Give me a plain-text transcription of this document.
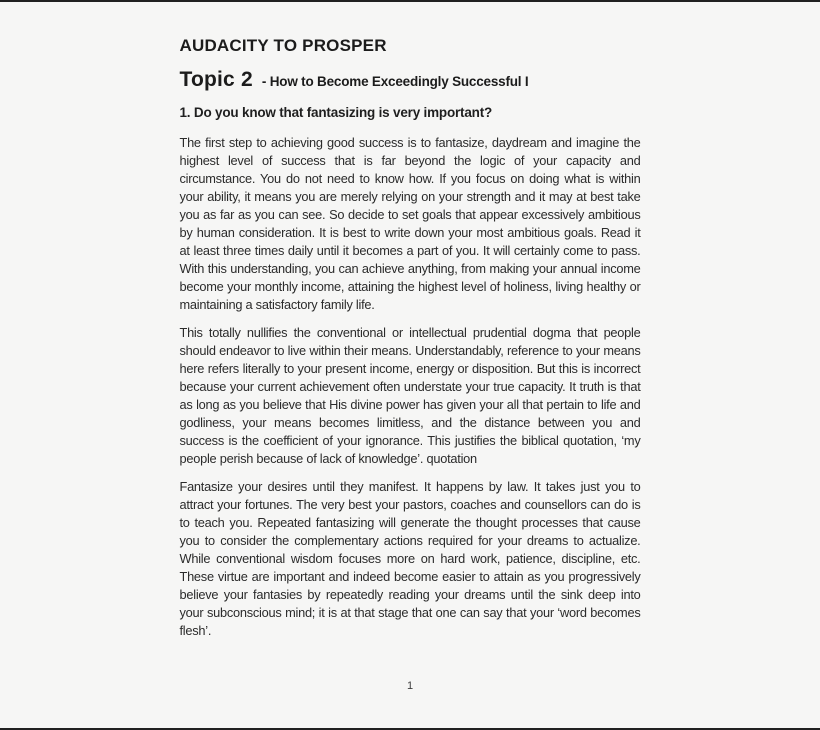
AUDACITY TO PROSPER
Topic 2 - How to Become Exceedingly Successful I
1. Do you know that fantasizing is very important?

The first step to achieving good success is to fantasize, daydream and imagine the highest level of success that is far beyond the logic of your capacity and circumstance. You do not need to know how. If you focus on doing what is within your ability, it means you are merely relying on your strength and it may at best take you as far as you can see. So decide to set goals that appear excessively ambitious by human consideration. It is best to write down your most ambitious goals. Read it at least three times daily until it becomes a part of you. It will certainly come to pass. With this understanding, you can achieve anything, from making your annual income become your monthly income, attaining the highest level of holiness, living healthy or maintaining a satisfactory family life.

This totally nullifies the conventional or intellectual prudential dogma that people should endeavor to live within their means. Understandably, reference to your means here refers literally to your present income, energy or disposition. But this is incorrect because your current achievement often understate your true capacity. It truth is that as long as you believe that His divine power has given your all that pertain to life and godliness, your means becomes limitless, and the distance between you and success is the coefficient of your ignorance. This justifies the biblical quotation, ‘my people perish because of lack of knowledge’. quotation

Fantasize your desires until they manifest. It happens by law. It takes just you to attract your fortunes. The very best your pastors, coaches and counsellors can do is to teach you. Repeated fantasizing will generate the thought processes that cause you to consider the complementary actions required for your dreams to actualize. While conventional wisdom focuses more on hard work, patience, discipline, etc. These virtue are important and indeed become easier to attain as you progressively believe your fantasies by repeatedly reading your dreams until the sink deep into your subconscious mind; it is at that stage that one can say that your ‘word becomes flesh’.

1
